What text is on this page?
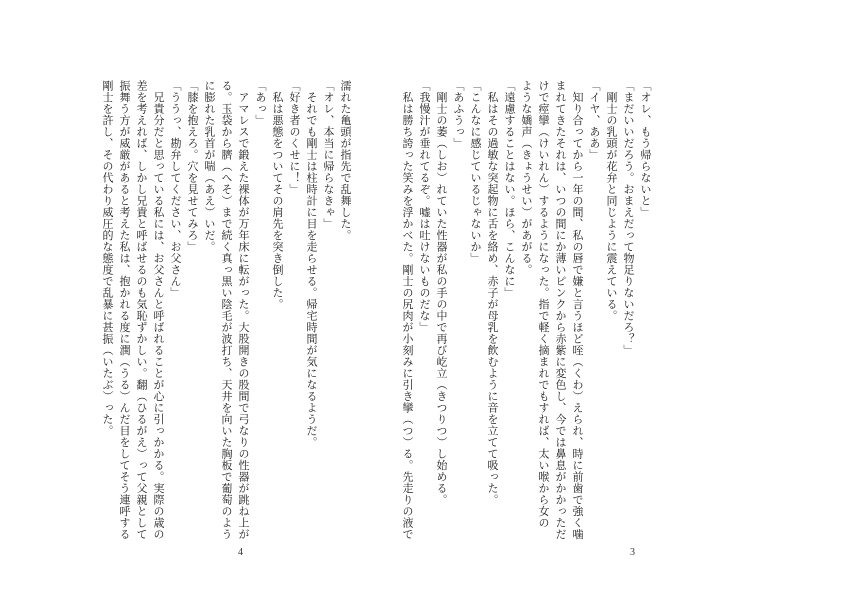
「オレ、もう帰らないと」
「まだいいだろう。おまえだって物足りないだろ？」
　剛士の乳頭が花弁と同じように震えている。
「イヤ、ああ」
　知り合ってから一年の間、私の唇で嫌と言うほど咥（くわ）えられ、時に前歯で強く噛
まれてきたそれは、いつの間にか薄いピンクから赤紫に変色し、今では鼻息がかかっただ
けで痙攣（けいれん）するようになった。指で軽く摘まれでもすれば、太い喉から女の
ような嬌声（きょうせい）があがる。
「遠慮することはない。ほら、こんなに」
　私はその過敏な突起物に舌を絡め、赤子が母乳を飲むように音を立てて吸った。
「こんなに感じているじゃないか」
「あふうっ」
　剛士の萎（しお）れていた性器が私の手の中で再び屹立（きつりつ）し始める。
「我慢汁が垂れてるぞ。嘘は吐けないものだな」
　私は勝ち誇った笑みを浮かべた。剛士の尻肉が小刻みに引き攣（つ）る。先走りの液で
濡れた亀頭が指先で乱舞した。
「オレ、本当に帰らなきゃ」
　それでも剛士は柱時計に目を走らせる。帰宅時間が気になるようだ。
「好き者のくせに！」
　私は悪態をついてその肩先を突き倒した。
「あっ」
　アマレスで鍛えた裸体が万年床に転がった。大股開きの股間で弓なりの性器が跳ね上が
る。玉袋から臍（へそ）まで続く真っ黒い陰毛が波打ち、天井を向いた胸板で葡萄のよう
に膨れた乳首が喘（あえ）いだ。
「膝を抱えろ。穴を見せてみろ」
「ううっ、勘弁してください、お父さん」
　兄貴分だと思っている私には、お父さんと呼ばれることが心に引っかかる。実際の歳の
差を考えれば、しかし兄貴と呼ばせるのも気恥ずかしい。翻（ひるがえ）って父親として
振舞う方が威厳があると考えた私は、抱かれる度に潤（うる）んだ目をしてそう連呼する
剛士を許し、その代わり威圧的な態度で乱暴に甚振（いたぶ）った。
4	3
